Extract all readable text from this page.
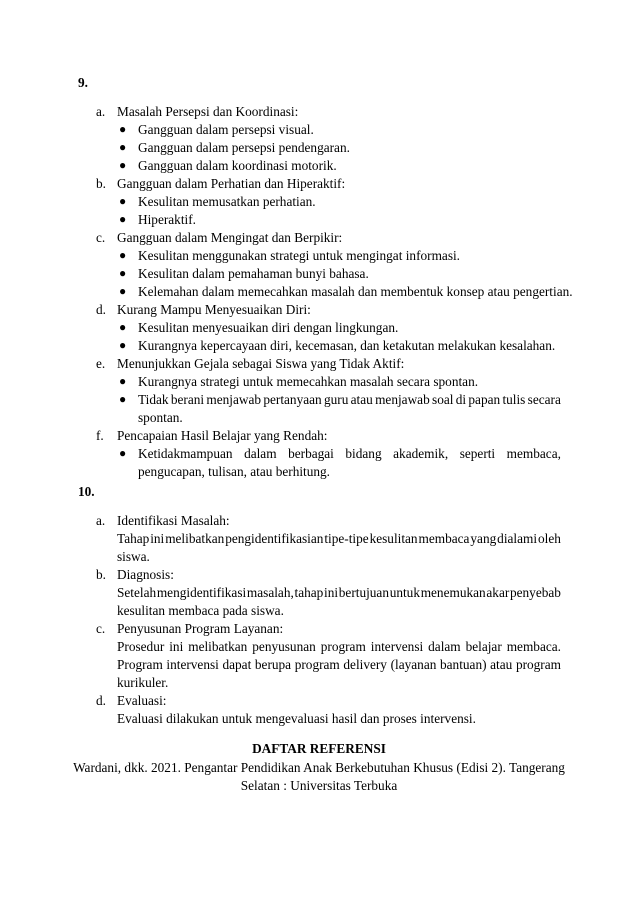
9.
a. Masalah Persepsi dan Koordinasi:
● Gangguan dalam persepsi visual.
● Gangguan dalam persepsi pendengaran.
● Gangguan dalam koordinasi motorik.
b. Gangguan dalam Perhatian dan Hiperaktif:
● Kesulitan memusatkan perhatian.
● Hiperaktif.
c. Gangguan dalam Mengingat dan Berpikir:
● Kesulitan menggunakan strategi untuk mengingat informasi.
● Kesulitan dalam pemahaman bunyi bahasa.
● Kelemahan dalam memecahkan masalah dan membentuk konsep atau pengertian.
d. Kurang Mampu Menyesuaikan Diri:
● Kesulitan menyesuaikan diri dengan lingkungan.
● Kurangnya kepercayaan diri, kecemasan, dan ketakutan melakukan kesalahan.
e. Menunjukkan Gejala sebagai Siswa yang Tidak Aktif:
● Kurangnya strategi untuk memecahkan masalah secara spontan.
● Tidak berani menjawab pertanyaan guru atau menjawab soal di papan tulis secara
spontan.
f. Pencapaian Hasil Belajar yang Rendah:
● Ketidakmampuan dalam berbagai bidang akademik, seperti membaca,
pengucapan, tulisan, atau berhitung.
10.
a. Identifikasi Masalah:
Tahap ini melibatkan pengidentifikasian tipe-tipe kesulitan membaca yang dialami oleh
siswa.
b. Diagnosis:
Setelah mengidentifikasi masalah, tahap ini bertujuan untuk menemukan akar penyebab
kesulitan membaca pada siswa.
c. Penyusunan Program Layanan:
Prosedur ini melibatkan penyusunan program intervensi dalam belajar membaca.
Program intervensi dapat berupa program delivery (layanan bantuan) atau program
kurikuler.
d. Evaluasi:
Evaluasi dilakukan untuk mengevaluasi hasil dan proses intervensi.
DAFTAR REFERENSI
Wardani, dkk. 2021. Pengantar Pendidikan Anak Berkebutuhan Khusus (Edisi 2). Tangerang
Selatan : Universitas Terbuka
